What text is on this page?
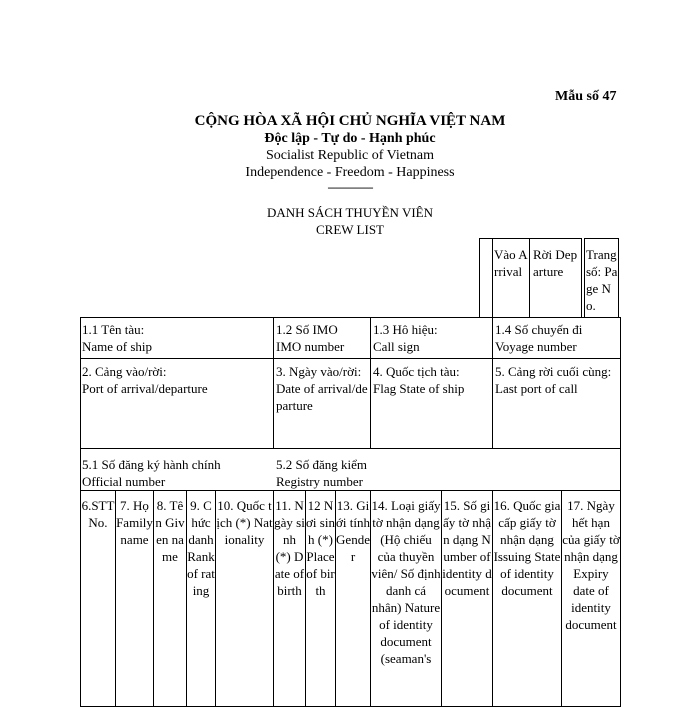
Mẫu số 47
CỘNG HÒA XÃ HỘI CHỦ NGHĨA VIỆT NAM
Độc lập - Tự do - Hạnh phúc
Socialist Republic of Vietnam
Independence - Freedom - Happiness
---------------
DANH SÁCH THUYỀN VIÊN
CREW LIST
Vào Arrival
Rời Departure
Trang số: Page No.
1.1 Tên tàu:
Name of ship
1.2 Số IMO
IMO number
1.3 Hô hiệu:
Call sign
1.4 Số chuyến đi
Voyage number
2. Cảng vào/rời:
Port of arrival/departure
3. Ngày vào/rời:
Date of arrival/departure
4. Quốc tịch tàu:
Flag State of ship
5. Cảng rời cuối cùng:
Last port of call
5.1 Số đăng ký hành chính
Official number
5.2 Số đăng kiểm
Registry number
6.STT No.
7. Họ Family name
8. Tên Given name
9. Chức danh Rank of rating
10. Quốc tịch (*) Nationality
11. Ngày sinh (*) Date of birth
12 Nơi sinh (*) Place of birth
13. Giới tính Gender
14. Loại giấy tờ nhận dạng (Hộ chiếu của thuyền viên/ Số định danh cá nhân) Nature of identity document (seaman's
15. Số giấy tờ nhận dạng Number of identity document
16. Quốc gia cấp giấy tờ nhận dạng Issuing State of identity document
17. Ngày hết hạn của giấy tờ nhận dạng Expiry date of identity document
